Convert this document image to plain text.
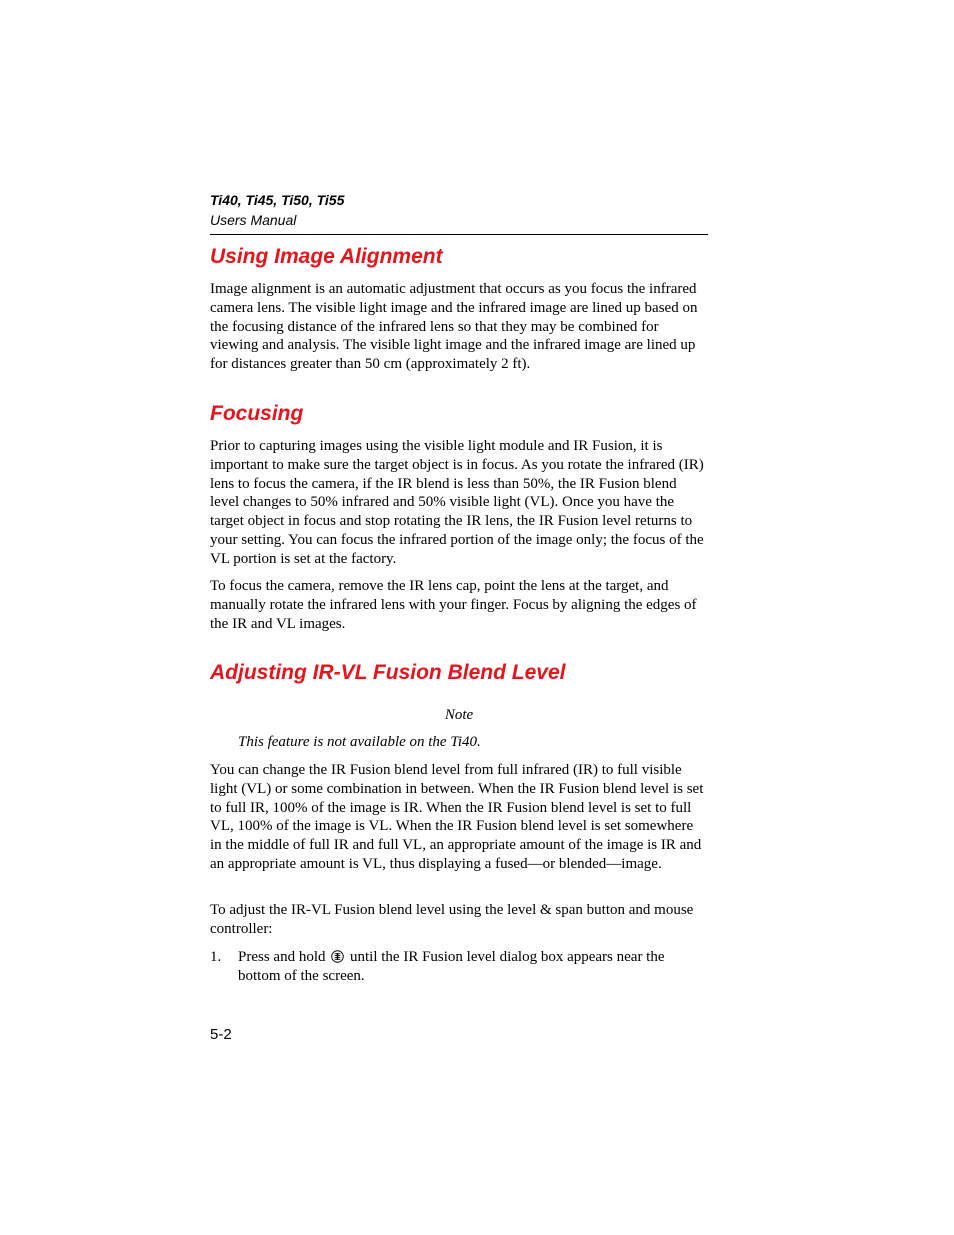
Ti40, Ti45, Ti50, Ti55
Users Manual
Using Image Alignment

Image alignment is an automatic adjustment that occurs as you focus the infrared camera lens. The visible light image and the infrared image are lined up based on the focusing distance of the infrared lens so that they may be combined for viewing and analysis. The visible light image and the infrared image are lined up for distances greater than 50 cm (approximately 2 ft).

Focusing

Prior to capturing images using the visible light module and IR Fusion, it is important to make sure the target object is in focus. As you rotate the infrared (IR) lens to focus the camera, if the IR blend is less than 50%, the IR Fusion blend level changes to 50% infrared and 50% visible light (VL). Once you have the target object in focus and stop rotating the IR lens, the IR Fusion level returns to your setting. You can focus the infrared portion of the image only; the focus of the VL portion is set at the factory.

To focus the camera, remove the IR lens cap, point the lens at the target, and manually rotate the infrared lens with your finger. Focus by aligning the edges of the IR and VL images.

Adjusting IR-VL Fusion Blend Level
Note
This feature is not available on the Ti40.

You can change the IR Fusion blend level from full infrared (IR) to full visible light (VL) or some combination in between. When the IR Fusion blend level is set to full IR, 100% of the image is IR. When the IR Fusion blend level is set to full VL, 100% of the image is VL. When the IR Fusion blend level is set somewhere in the middle of full IR and full VL, an appropriate amount of the image is IR and an appropriate amount is VL, thus displaying a fused—or blended—image.

To adjust the IR-VL Fusion blend level using the level & span button and mouse controller:

1. Press and hold until the IR Fusion level dialog box appears near the bottom of the screen.
5-2
